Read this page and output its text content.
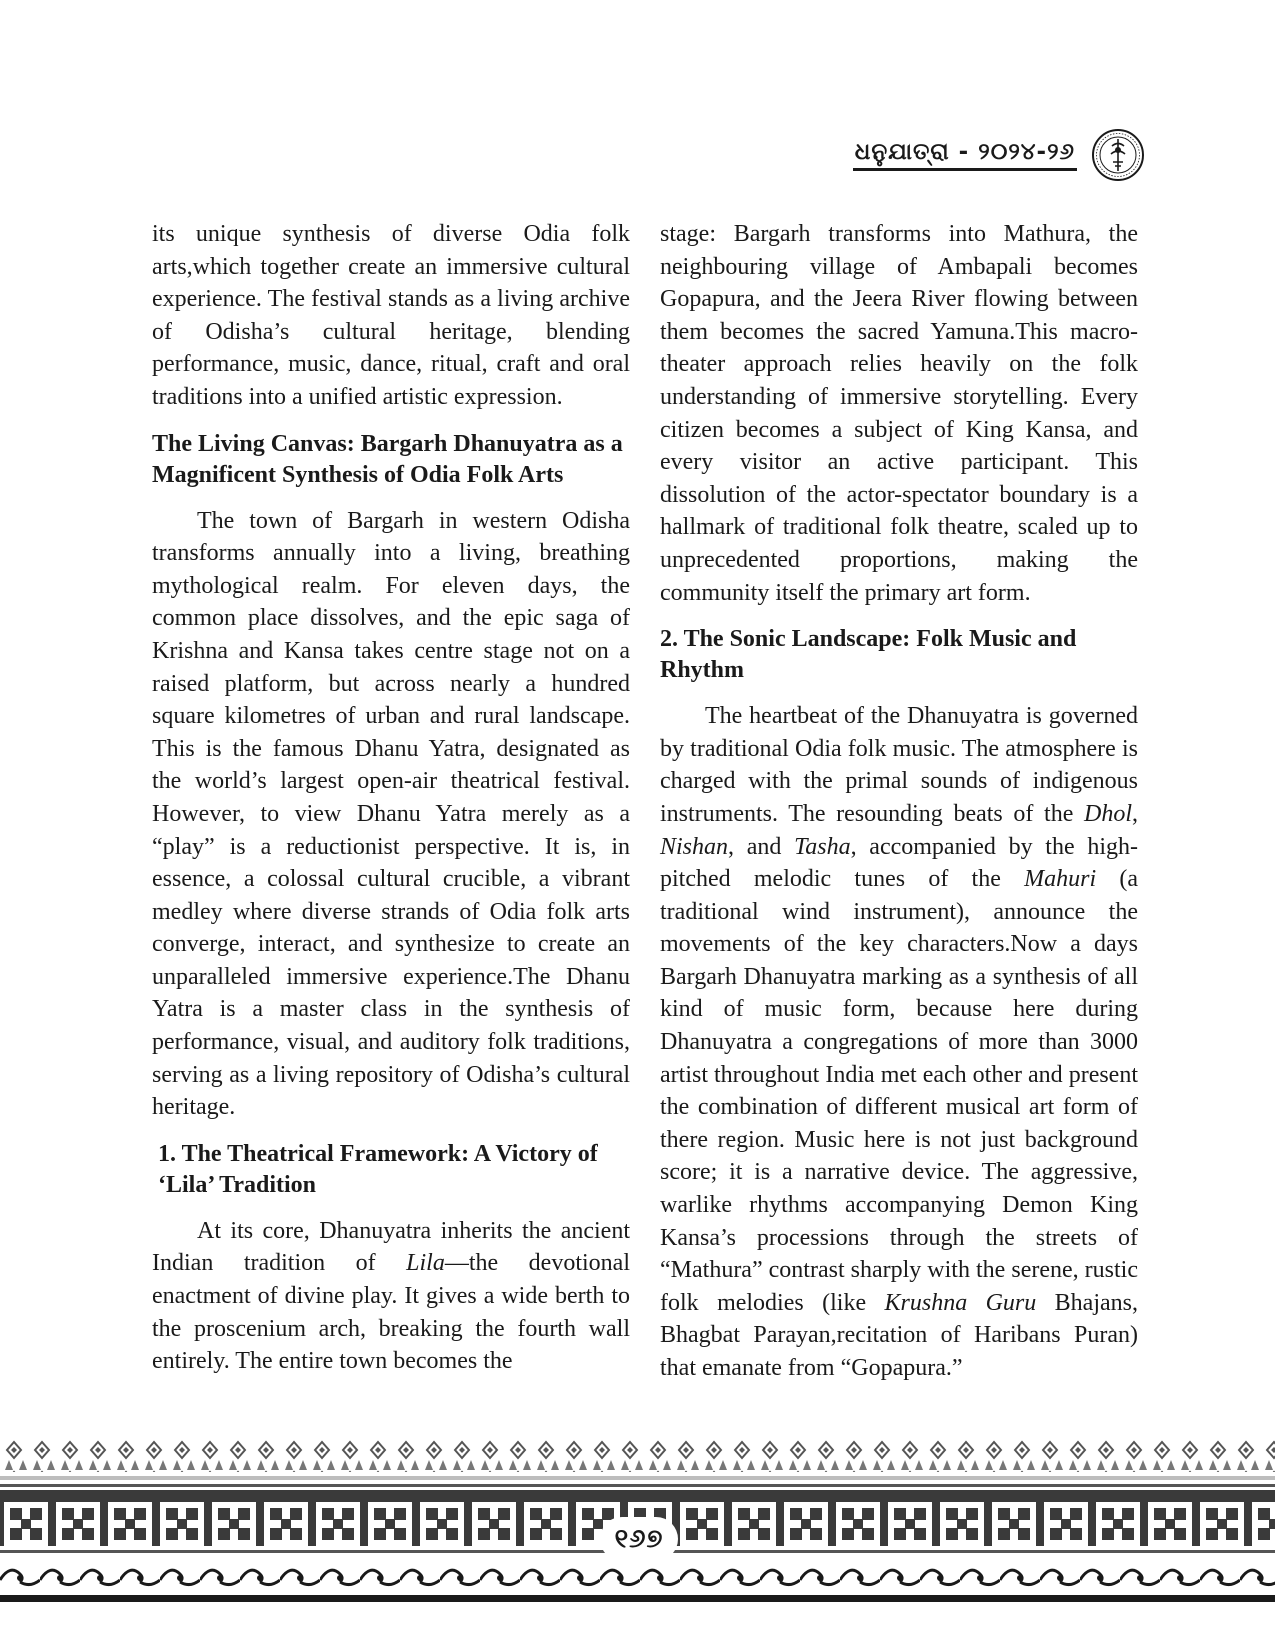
ଧନୁଯାତ୍ରା - ୨୦୨୪-୨୬

its unique synthesis of diverse Odia folk arts,which together create an immersive cultural experience. The festival stands as a living archive of Odisha’s cultural heritage, blending performance, music, dance, ritual, craft and oral traditions into a unified artistic expression.

The Living Canvas: Bargarh Dhanuyatra as a Magnificent Synthesis of Odia Folk Arts

The town of Bargarh in western Odisha transforms annually into a living, breathing mythological realm. For eleven days, the common place dissolves, and the epic saga of Krishna and Kansa takes centre stage not on a raised platform, but across nearly a hundred square kilometres of urban and rural landscape. This is the famous Dhanu Yatra, designated as the world’s largest open-air theatrical festival. However, to view Dhanu Yatra merely as a “play” is a reductionist perspective. It is, in essence, a colossal cultural crucible, a vibrant medley where diverse strands of Odia folk arts converge, interact, and synthesize to create an unparalleled immersive experience.The Dhanu Yatra is a master class in the synthesis of performance, visual, and auditory folk traditions, serving as a living repository of Odisha’s cultural heritage.

1. The Theatrical Framework: A Victory of ‘Lila’ Tradition

At its core, Dhanuyatra inherits the ancient Indian tradition of Lila—the devotional enactment of divine play. It gives a wide berth to the proscenium arch, breaking the fourth wall entirely. The entire town becomes the

stage: Bargarh transforms into Mathura, the neighbouring village of Ambapali becomes Gopapura, and the Jeera River flowing between them becomes the sacred Yamuna.This macro-theater approach relies heavily on the folk understanding of immersive storytelling. Every citizen becomes a subject of King Kansa, and every visitor an active participant. This dissolution of the actor-spectator boundary is a hallmark of traditional folk theatre, scaled up to unprecedented proportions, making the community itself the primary art form.

2. The Sonic Landscape: Folk Music and Rhythm

The heartbeat of the Dhanuyatra is governed by traditional Odia folk music. The atmosphere is charged with the primal sounds of indigenous instruments. The resounding beats of the Dhol, Nishan, and Tasha, accompanied by the high-pitched melodic tunes of the Mahuri (a traditional wind instrument), announce the movements of the key characters.Now a days Bargarh Dhanuyatra marking as a synthesis of all kind of music form, because here during Dhanuyatra a congregations of more than 3000 artist throughout India met each other and present the combination of different musical art form of there region. Music here is not just background score; it is a narrative device. The aggressive, warlike rhythms accompanying Demon King Kansa’s processions through the streets of “Mathura” contrast sharply with the serene, rustic folk melodies (like Krushna Guru Bhajans, Bhagbat Parayan,recitation of Haribans Puran) that emanate from “Gopapura.”

୧୬୭
